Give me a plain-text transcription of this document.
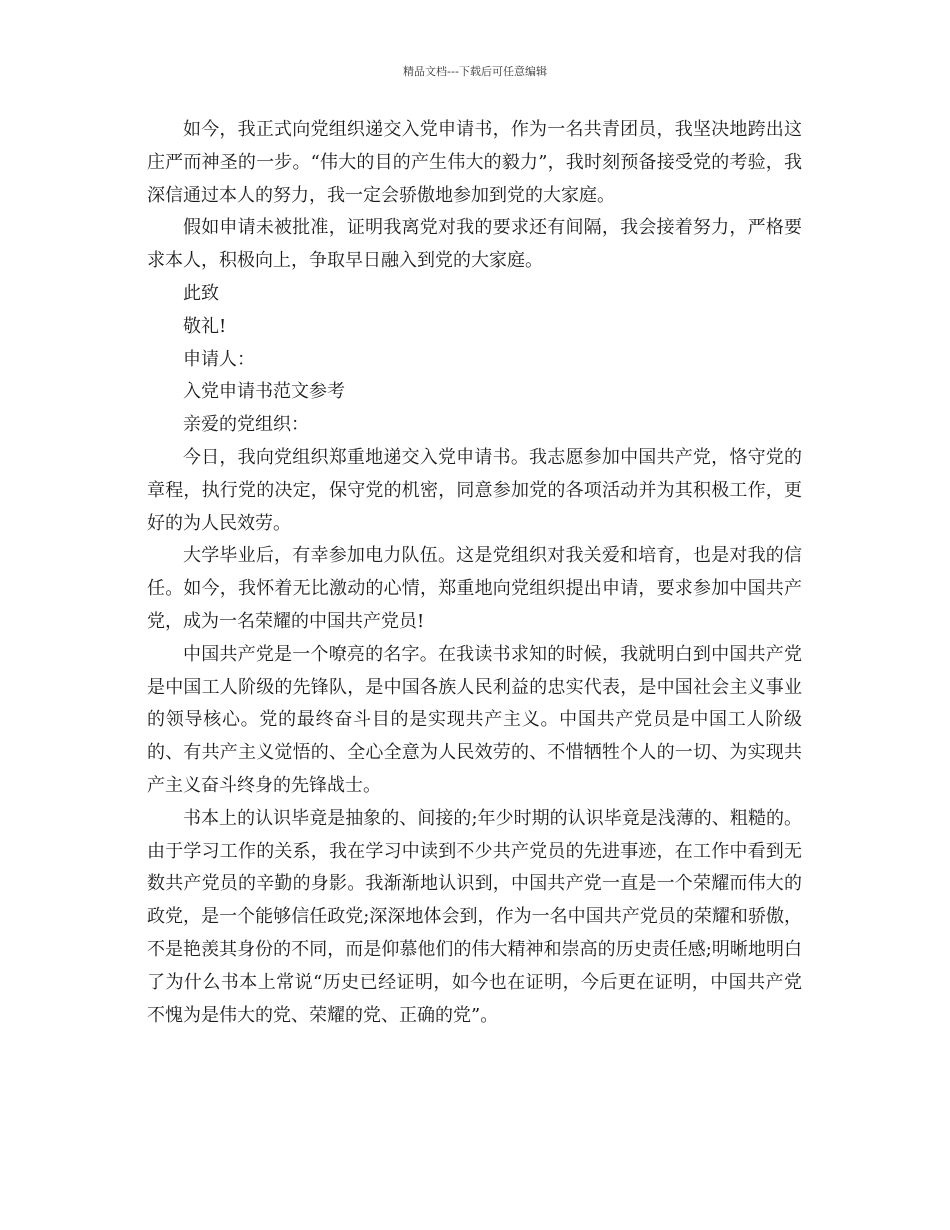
精品文档---下载后可任意编辑

如今，我正式向党组织递交入党申请书，作为一名共青团员，我坚决地跨出这庄严而神圣的一步。“伟大的目的产生伟大的毅力”，我时刻预备接受党的考验，我深信通过本人的努力，我一定会骄傲地参加到党的大家庭。

假如申请未被批准，证明我离党对我的要求还有间隔，我会接着努力，严格要求本人，积极向上，争取早日融入到党的大家庭。

此致

敬礼!

申请人：

入党申请书范文参考

亲爱的党组织：

今日，我向党组织郑重地递交入党申请书。我志愿参加中国共产党，恪守党的章程，执行党的决定，保守党的机密，同意参加党的各项活动并为其积极工作，更好的为人民效劳。

大学毕业后，有幸参加电力队伍。这是党组织对我关爱和培育，也是对我的信任。如今，我怀着无比激动的心情，郑重地向党组织提出申请，要求参加中国共产党，成为一名荣耀的中国共产党员!

中国共产党是一个嘹亮的名字。在我读书求知的时候，我就明白到中国共产党是中国工人阶级的先锋队，是中国各族人民利益的忠实代表，是中国社会主义事业的领导核心。党的最终奋斗目的是实现共产主义。中国共产党员是中国工人阶级的、有共产主义觉悟的、全心全意为人民效劳的、不惜牺牲个人的一切、为实现共产主义奋斗终身的先锋战士。

书本上的认识毕竟是抽象的、间接的;年少时期的认识毕竟是浅薄的、粗糙的。由于学习工作的关系，我在学习中读到不少共产党员的先进事迹，在工作中看到无数共产党员的辛勤的身影。我渐渐地认识到，中国共产党一直是一个荣耀而伟大的政党，是一个能够信任政党;深深地体会到，作为一名中国共产党员的荣耀和骄傲，不是艳羡其身份的不同，而是仰慕他们的伟大精神和崇高的历史责任感;明晰地明白了为什么书本上常说“历史已经证明，如今也在证明，今后更在证明，中国共产党不愧为是伟大的党、荣耀的党、正确的党”。
